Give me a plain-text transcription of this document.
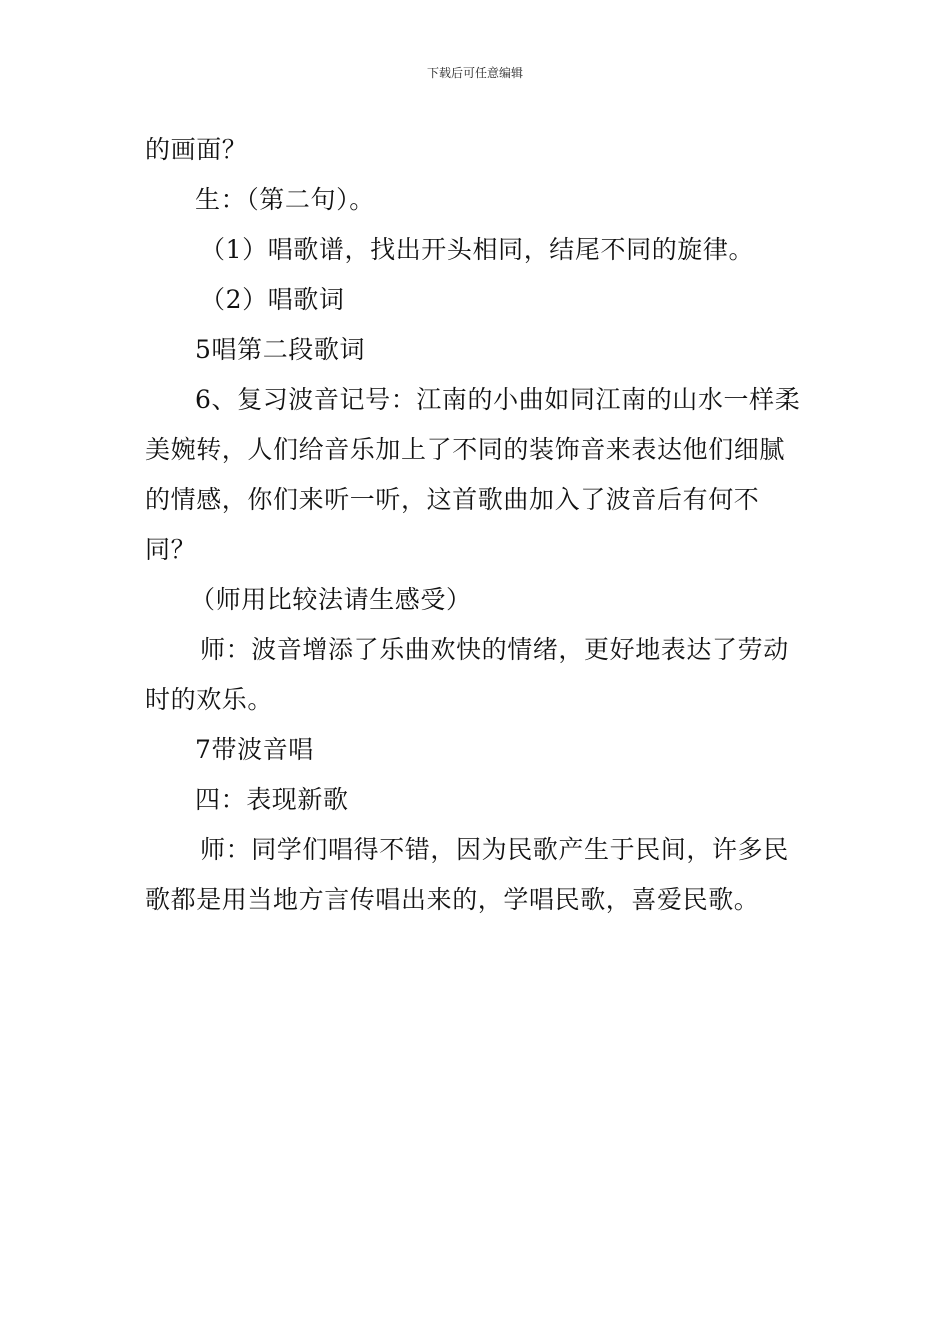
下载后可任意编辑

的画面？

生：（第二句）。

（1）唱歌谱，找出开头相同，结尾不同的旋律。

（2）唱歌词

5唱第二段歌词

6、复习波音记号：江南的小曲如同江南的山水一样柔美婉转，人们给音乐加上了不同的装饰音来表达他们细腻的情感，你们来听一听，这首歌曲加入了波音后有何不同？

（师用比较法请生感受）

师：波音增添了乐曲欢快的情绪，更好地表达了劳动时的欢乐。

7带波音唱

四：表现新歌

师：同学们唱得不错，因为民歌产生于民间，许多民歌都是用当地方言传唱出来的，学唱民歌，喜爱民歌。
